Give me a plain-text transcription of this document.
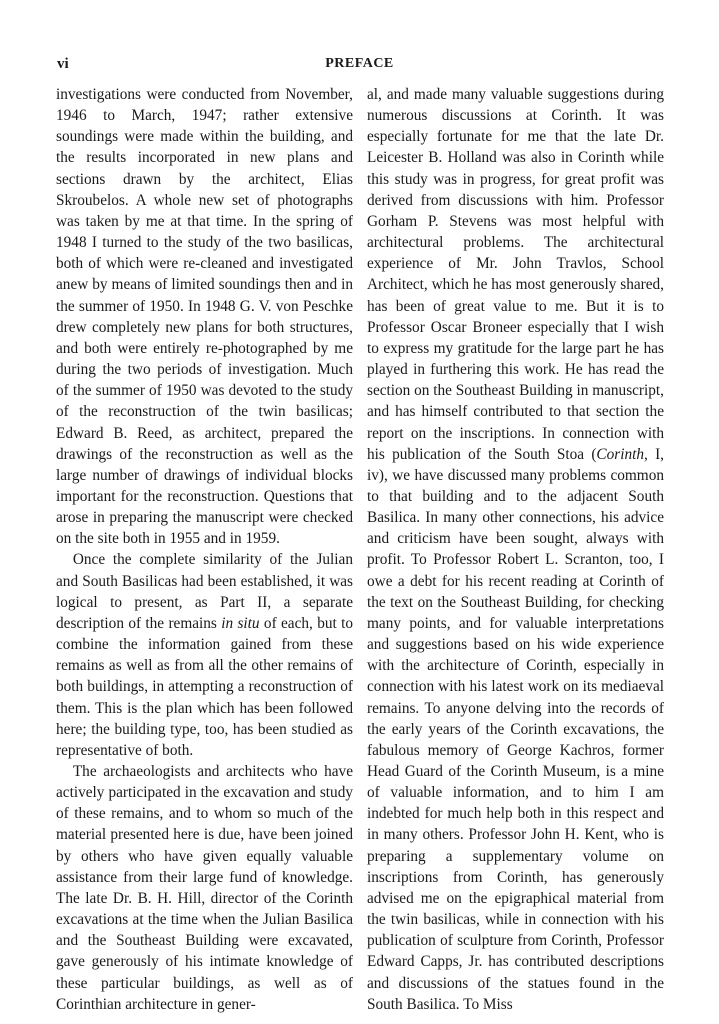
vi	PREFACE

investigations were conducted from November, 1946 to March, 1947; rather extensive soundings were made within the building, and the results incorporated in new plans and sections drawn by the architect, Elias Skroubelos. A whole new set of photographs was taken by me at that time. In the spring of 1948 I turned to the study of the two basilicas, both of which were re-cleaned and investigated anew by means of limited soundings then and in the summer of 1950. In 1948 G. V. von Peschke drew completely new plans for both structures, and both were entirely re-photographed by me during the two periods of investigation. Much of the summer of 1950 was devoted to the study of the reconstruction of the twin basilicas; Edward B. Reed, as architect, prepared the drawings of the reconstruction as well as the large number of drawings of individual blocks important for the reconstruction. Questions that arose in preparing the manuscript were checked on the site both in 1955 and in 1959.

Once the complete similarity of the Julian and South Basilicas had been established, it was logical to present, as Part II, a separate description of the remains in situ of each, but to combine the information gained from these remains as well as from all the other remains of both buildings, in attempting a reconstruction of them. This is the plan which has been followed here; the building type, too, has been studied as representative of both.

The archaeologists and architects who have actively participated in the excavation and study of these remains, and to whom so much of the material presented here is due, have been joined by others who have given equally valuable assistance from their large fund of knowledge. The late Dr. B. H. Hill, director of the Corinth excavations at the time when the Julian Basilica and the Southeast Building were excavated, gave generously of his intimate knowledge of these particular buildings, as well as of Corinthian architecture in gener-

al, and made many valuable suggestions during numerous discussions at Corinth. It was especially fortunate for me that the late Dr. Leicester B. Holland was also in Corinth while this study was in progress, for great profit was derived from discussions with him. Professor Gorham P. Stevens was most helpful with architectural problems. The architectural experience of Mr. John Travlos, School Architect, which he has most generously shared, has been of great value to me. But it is to Professor Oscar Broneer especially that I wish to express my gratitude for the large part he has played in furthering this work. He has read the section on the Southeast Building in manuscript, and has himself contributed to that section the report on the inscriptions. In connection with his publication of the South Stoa (Corinth, I, iv), we have discussed many problems common to that building and to the adjacent South Basilica. In many other connections, his advice and criticism have been sought, always with profit. To Professor Robert L. Scranton, too, I owe a debt for his recent reading at Corinth of the text on the Southeast Building, for checking many points, and for valuable interpretations and suggestions based on his wide experience with the architecture of Corinth, especially in connection with his latest work on its mediaeval remains. To anyone delving into the records of the early years of the Corinth excavations, the fabulous memory of George Kachros, former Head Guard of the Corinth Museum, is a mine of valuable information, and to him I am indebted for much help both in this respect and in many others. Professor John H. Kent, who is preparing a supplementary volume on inscriptions from Corinth, has generously advised me on the epigraphical material from the twin basilicas, while in connection with his publication of sculpture from Corinth, Professor Edward Capps, Jr. has contributed descriptions and discussions of the statues found in the South Basilica. To Miss
